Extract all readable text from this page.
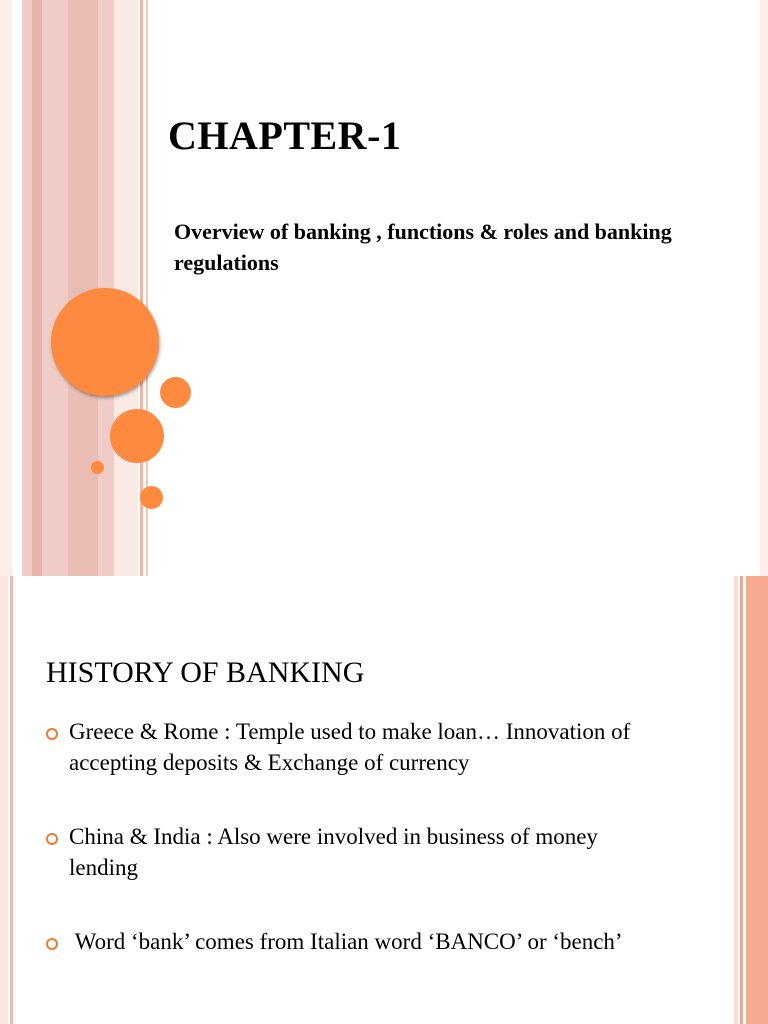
CHAPTER-1
Overview of banking , functions & roles and banking regulations
HISTORY OF BANKING
Greece & Rome : Temple used to make loan… Innovation of accepting deposits & Exchange of currency
China & India : Also were involved in business of money lending
Word ‘bank’ comes from Italian word ‘BANCO’ or ‘bench’
